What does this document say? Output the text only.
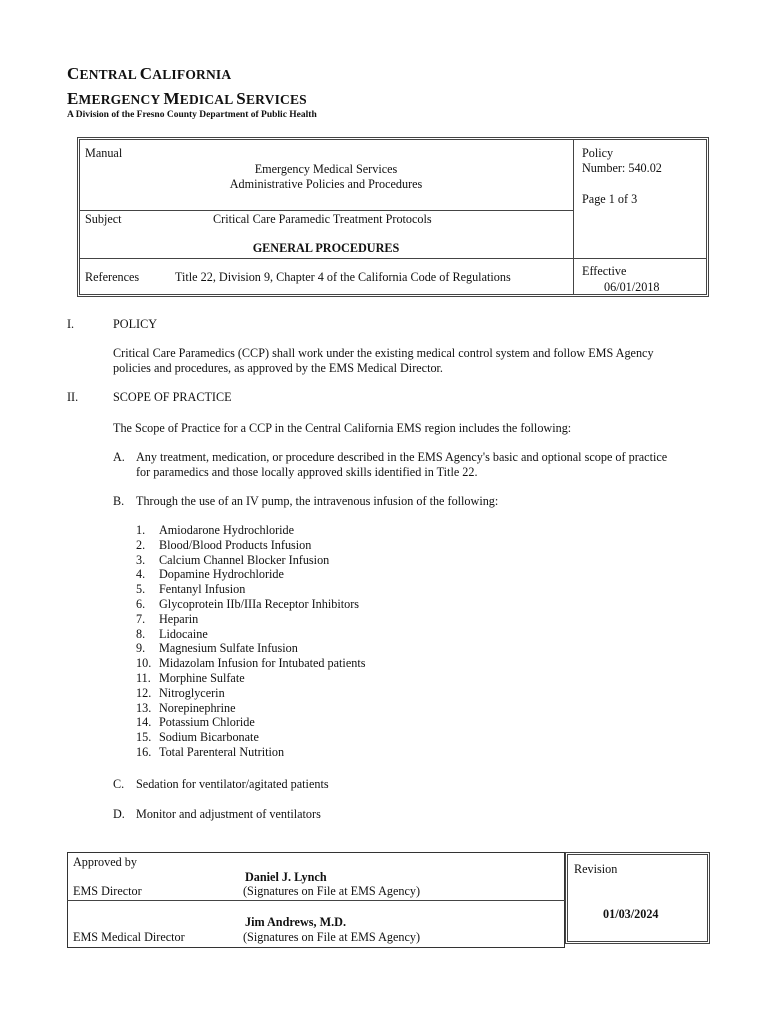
CENTRAL CALIFORNIA
EMERGENCY MEDICAL SERVICES
A Division of the Fresno County Department of Public Health
Manual
Emergency Medical Services
Administrative Policies and Procedures
Policy
Number: 540.02
Page 1 of 3
Subject	Critical Care Paramedic Treatment Protocols
GENERAL PROCEDURES
References	Title 22, Division 9, Chapter 4 of the California Code of Regulations	Effective
06/01/2018
I.	POLICY
Critical Care Paramedics (CCP) shall work under the existing medical control system and follow EMS Agency
policies and procedures, as approved by the EMS Medical Director.
II.	SCOPE OF PRACTICE
The Scope of Practice for a CCP in the Central California EMS region includes the following:
A. Any treatment, medication, or procedure described in the EMS Agency's basic and optional scope of practice
for paramedics and those locally approved skills identified in Title 22.
B. Through the use of an IV pump, the intravenous infusion of the following:
1. Amiodarone Hydrochloride
2. Blood/Blood Products Infusion
3. Calcium Channel Blocker Infusion
4. Dopamine Hydrochloride
5. Fentanyl Infusion
6. Glycoprotein IIb/IIIa Receptor Inhibitors
7. Heparin
8. Lidocaine
9. Magnesium Sulfate Infusion
10. Midazolam Infusion for Intubated patients
11. Morphine Sulfate
12. Nitroglycerin
13. Norepinephrine
14. Potassium Chloride
15. Sodium Bicarbonate
16. Total Parenteral Nutrition
C. Sedation for ventilator/agitated patients
D. Monitor and adjustment of ventilators
Approved by
EMS Director
Daniel J. Lynch
(Signatures on File at EMS Agency)
EMS Medical Director
Jim Andrews, M.D.
(Signatures on File at EMS Agency)
Revision
01/03/2024
